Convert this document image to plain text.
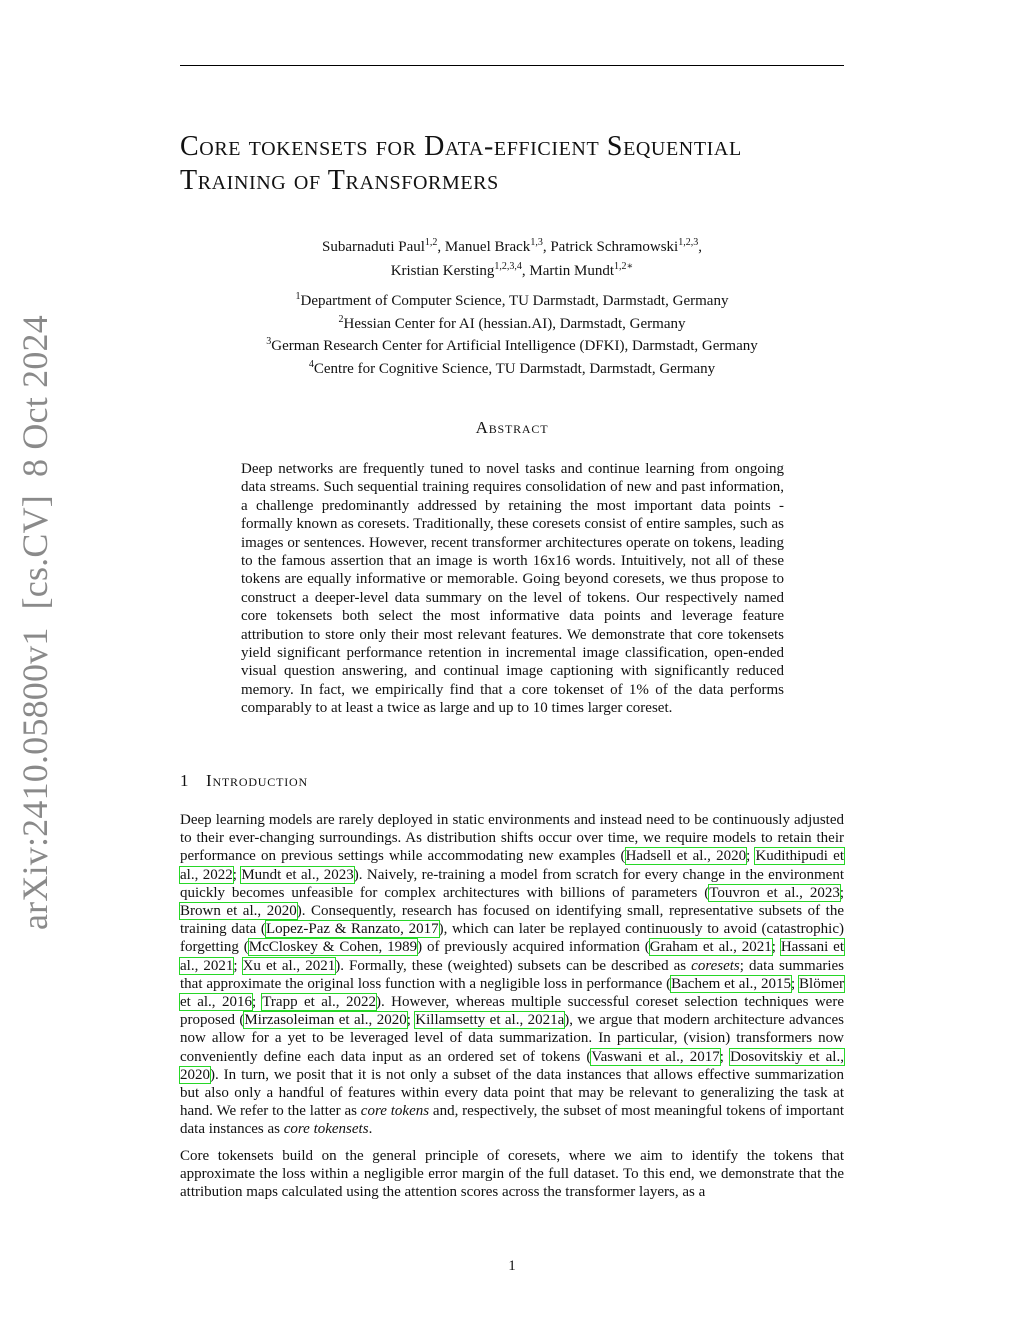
arXiv:2410.05800v1[cs.CV]8 Oct 2024
Core tokensets for Data-efficient Sequential
Training of Transformers
Subarnaduti Paul$^{1,2}$, Manuel Brack$^{1,3}$, Patrick Schramowski$^{1,2,3}$,
Kristian Kersting$^{1,2,3,4}$, Martin Mundt$^{1,2∗}$
$^1$Department of Computer Science, TU Darmstadt, Darmstadt, Germany
$^2$Hessian Center for AI (hessian.AI), Darmstadt, Germany
$^3$German Research Center for Artificial Intelligence (DFKI), Darmstadt, Germany
$^4$Centre for Cognitive Science, TU Darmstadt, Darmstadt, Germany
Abstract
Deep networks are frequently tuned to novel tasks and continue learning from ongoing data streams. Such sequential training requires consolidation of new and past information, a challenge predominantly addressed by retaining the most important data points - formally known as coresets. Traditionally, these coresets consist of entire samples, such as images or sentences. However, recent transformer architectures operate on tokens, leading to the famous assertion that an image is worth 16x16 words. Intuitively, not all of these tokens are equally informative or memorable. Going beyond coresets, we thus propose to construct a deeper-level data summary on the level of tokens. Our respectively named core tokensets both select the most informative data points and leverage feature attribution to store only their most relevant features. We demonstrate that core tokensets yield significant performance retention in incremental image classification, open-ended visual question answering, and continual image captioning with significantly reduced memory. In fact, we empirically find that a core tokenset of 1% of the data performs comparably to at least a twice as large and up to 10 times larger coreset.
1 Introduction

Deep learning models are rarely deployed in static environments and instead need to be continuously adjusted to their ever-changing surroundings. As distribution shifts occur over time, we require models to retain their performance on previous settings while accommodating new examples (Hadsell et al., 2020; Kudithipudi et al., 2022; Mundt et al., 2023). Naively, re-training a model from scratch for every change in the environment quickly becomes unfeasible for complex architectures with billions of parameters (Touvron et al., 2023; Brown et al., 2020). Consequently, research has focused on identifying small, representative subsets of the training data (Lopez-Paz & Ranzato, 2017), which can later be replayed continuously to avoid (catastrophic) forgetting (McCloskey & Cohen, 1989) of previously acquired information (Graham et al., 2021; Hassani et al., 2021; Xu et al., 2021). Formally, these (weighted) subsets can be described as coresets; data summaries that approximate the original loss function with a negligible loss in performance (Bachem et al., 2015; Blömer et al., 2016; Trapp et al., 2022). However, whereas multiple successful coreset selection techniques were proposed (Mirzasoleiman et al., 2020; Killamsetty et al., 2021a), we argue that modern architecture advances now allow for a yet to be leveraged level of data summarization. In particular, (vision) transformers now conveniently define each data input as an ordered set of tokens (Vaswani et al., 2017; Dosovitskiy et al., 2020). In turn, we posit that it is not only a subset of the data instances that allows effective summarization but also only a handful of features within every data point that may be relevant to generalizing the task at hand. We refer to the latter as core tokens and, respectively, the subset of most meaningful tokens of important data instances as core tokensets.

Core tokensets build on the general principle of coresets, where we aim to identify the tokens that approximate the loss within a negligible error margin of the full dataset. To this end, we demonstrate that the attribution maps calculated using the attention scores across the transformer layers, as a

1
